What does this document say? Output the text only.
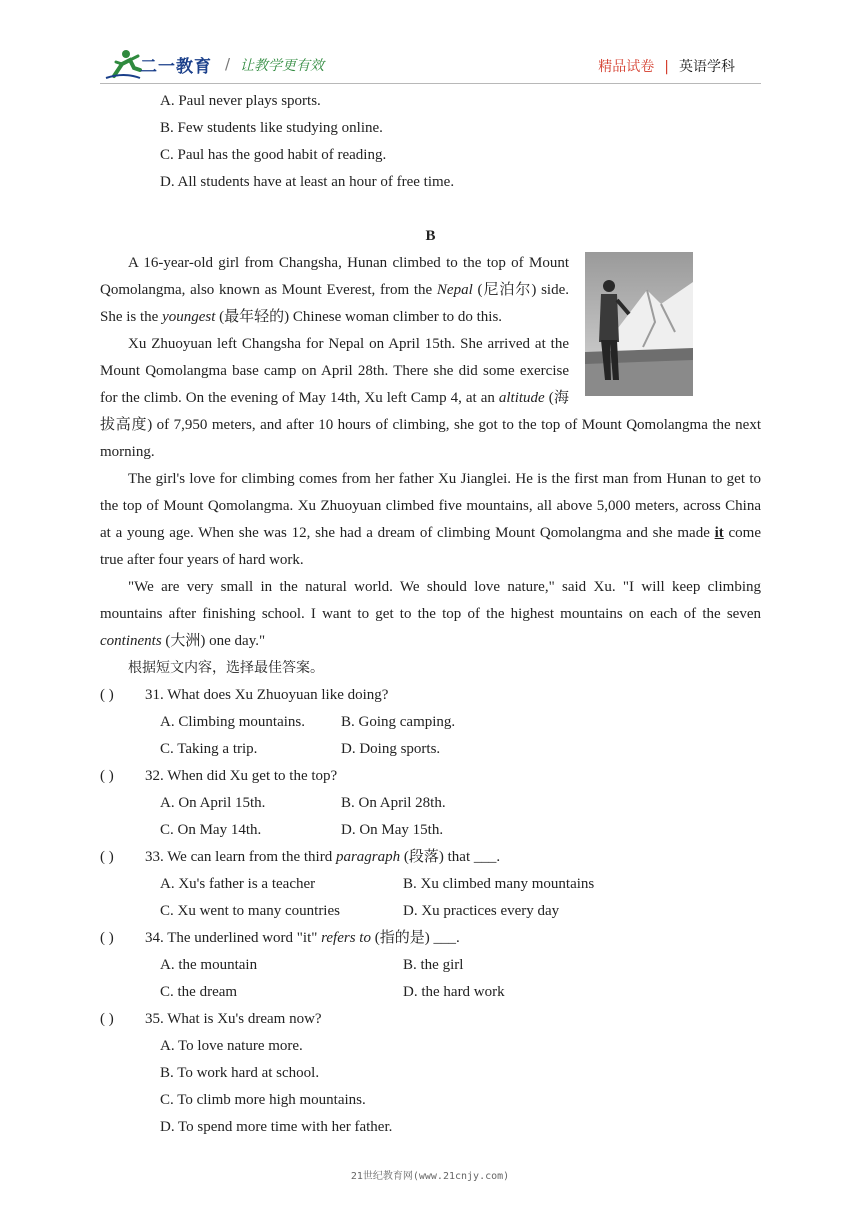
二一教育 / 让教学更有效	精品试卷 | 英语学科
A. Paul never plays sports.
B. Few students like studying online.
C. Paul has the good habit of reading.
D. All students have at least an hour of free time.
B
A 16-year-old girl from Changsha, Hunan climbed to the top of Mount Qomolangma, also known as Mount Everest, from the Nepal (尼泊尔) side. She is the youngest (最年轻的) Chinese woman climber to do this.
Xu Zhuoyuan left Changsha for Nepal on April 15th. She arrived at the Mount Qomolangma base camp on April 28th. There she did some exercise for the climb. On the evening of May 14th, Xu left Camp 4, at an altitude (海拔高度) of 7,950 meters, and after 10 hours of climbing, she got to the top of Mount Qomolangma the next morning.
The girl's love for climbing comes from her father Xu Jianglei. He is the first man from Hunan to get to the top of Mount Qomolangma. Xu Zhuoyuan climbed five mountains, all above 5,000 meters, across China at a young age. When she was 12, she had a dream of climbing Mount Qomolangma and she made it come true after four years of hard work.
"We are very small in the natural world. We should love nature," said Xu. "I will keep climbing mountains after finishing school. I want to get to the top of the highest mountains on each of the seven continents (大洲) one day."
根据短文内容，选择最佳答案。
( ) 31. What does Xu Zhuoyuan like doing?
A. Climbing mountains. B. Going camping.
C. Taking a trip.	D. Doing sports.
( ) 32. When did Xu get to the top?
A. On April 15th.	B. On April 28th.
C. On May 14th.	D. On May 15th.
( ) 33. We can learn from the third paragraph (段落) that ___.
A. Xu's father is a teacher	B. Xu climbed many mountains
C. Xu went to many countries	D. Xu practices every day
( ) 34. The underlined word "it" refers to (指的是) ___.
A. the mountain	B. the girl
C. the dream	D. the hard work
( ) 35. What is Xu's dream now?
A. To love nature more.
B. To work hard at school.
C. To climb more high mountains.
D. To spend more time with her father.
21世纪教育网(www.21cnjy.com)
